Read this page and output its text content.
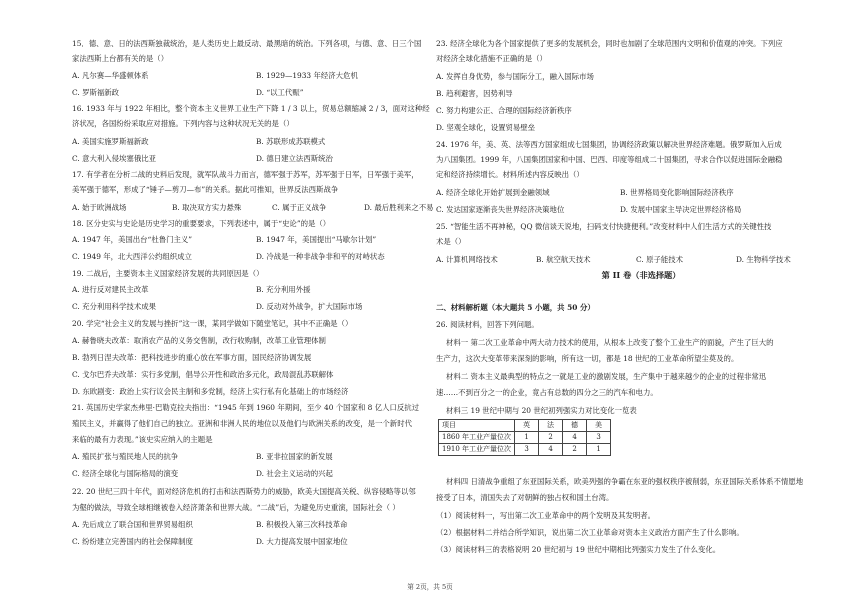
15．德、意、日的法西斯独裁统治，是人类历史上最反动、最黑暗的统治。下列各项，与德、意、日三个国
家法西斯上台都有关的是（）
A. 凡尔赛—华盛顿体系	B. 1929—1933 年经济大危机
C. 罗斯福新政	D. “以工代赈”
16. 1933 年与 1922 年相比，整个资本主义世界工业生产下降 1 / 3 以上，贸易总额缩减 2 / 3，面对这种经
济状况，各国纷纷采取应对措施。下列内容与这种状况无关的是（）
A. 美国实施罗斯福新政	B. 苏联形成苏联模式
C. 意大利入侵埃塞俄比亚	D. 德日建立法西斯统治
17. 有学者在分析二战的史料后发现，就军队战斗力而言，德军强于苏军，苏军强于日军，日军强于美军，
美军强于德军，形成了“锤子—剪刀—布”的关系。据此可推知，世界反法西斯战争
A. 始于欧洲战场	B. 取决双方实力悬殊	C. 属于正义战争	D. 最后胜利来之不易
18. 区分史实与史论是历史学习的重要要求，下列表述中，属于“史论”的是（）
A. 1947 年，美国出台“杜鲁门主义”	B. 1947 年，美国提出“马歇尔计划”
C. 1949 年，北大西洋公约组织成立	D. 冷战是一种非战争非和平的对峙状态
19. 二战后，主要资本主义国家经济发展的共同原因是（）
A. 进行反对建民主改革	B. 充分利用外援
C. 充分利用科学技术成果	D. 反动对外战争，扩大国际市场
20. 学完“社会主义的发展与挫折”这一课，某同学做如下随堂笔记，其中不正确是（）
A. 赫鲁晓夫改革：取消农产品的义务交售制，改行收购制，改革工业管理体制
B. 勃列日涅夫改革：把科技进步的重心放在军事方面，国民经济协调发展
C. 戈尔巴乔夫改革：实行多党制，倡导公开性和政治多元化，政局混乱苏联解体
D. 东欧剧变：政治上实行议会民主制和多党制，经济上实行私有化基础上的市场经济
21. 英国历史学家杰弗里·巴勒克拉夫指出：“1945 年到 1960 年期间，至少 40 个国家和 8 亿人口反抗过
殖民主义，并赢得了他们自己的独立。亚洲和非洲人民的地位以及他们与欧洲关系的改变，是一个新时代
来临的最有力表现。”该史实应纳入的主题是
A. 殖民扩张与殖民地人民的抗争	B. 亚非拉国家的新发展
C. 经济全球化与国际格局的演变	D. 社会主义运动的兴起
22. 20 世纪三四十年代，面对经济危机的打击和法西斯势力的威胁，欧美大国提高关税、纵容侵略等以邻
为壑的做法，导致全球相继被卷入经济萧条和世界大战。“二战”后，为避免历史重演，国际社会（ ）
A. 先后成立了联合国和世界贸易组织	B. 积极投入第三次科技革命
C. 纷纷建立完善国内的社会保障制度	D. 大力提高发展中国家地位
23. 经济全球化为各个国家提供了更多的发展机会，同时也加剧了全球范围内文明和价值观的冲突。下列应
对经济全球化措施不正确的是（）
A. 发挥自身优势，参与国际分工，融入国际市场
B. 趋利避害，因势利导
C. 努力构建公正、合理的国际经济新秩序
D. 坚观全球化，设置贸易壁垒
24. 1976 年，美、英、法等西方国家组成七国集团，协调经济政策以解决世界经济难题。俄罗斯加入后成
为八国集团。1999 年，八国集团国家和中国、巴西、印度等组成二十国集团，寻求合作以促进国际金融稳
定和经济持续增长。材料所述内容反映出（）
A. 经济全球化开始扩展到金融领域	B. 世界格局变化影响国际经济秩序
C. 发达国家逐渐丧失世界经济决策地位	D. 发展中国家主导决定世界经济格局
25. “智能生活不再神秘，QQ 微信谈天说地，扫码支付快捷便利。”改变材料中人们生活方式的关键性技
术是（）
A. 计算机网络技术	B. 航空航天技术	C. 原子能技术	D. 生物科学技术
第 II 卷（非选择题）
二、材料解析题（本大题共 5 小题，共 50 分）
26. 阅读材料，回答下列问题。
材料一 第二次工业革命中两大动力技术的使用，从根本上改变了整个工业生产的面貌，产生了巨大的
生产力，这次大变革带来深刻的影响，所有这一切，都是 18 世纪的工业革命所望尘莫及的。
材料二 资本主义最典型的特点之一就是工业的激剧发展，生产集中于越来越少的企业的过程非常迅
速……不到百分之一的企业，竟占有总数的四分之三的汽车和电力。
材料三 19 世纪中期与 20 世纪初列强实力对比变化一览表
项目	英	法	德	美
1860 年工业产量位次	1	2	4	3
1910 年工业产量位次	3	4	2	1
材料四 日清战争重组了东亚国际关系，欧美列强的争霸在东亚的强权秩序被削弱，东亚国际关系体系不情愿地
接受了日本，清国失去了对朝鲜的独占权和国土台湾。
（1）阅读材料一，写出第二次工业革命中的两个发明及其发明者。
（2）根据材料二并结合所学知识，说出第二次工业革命对资本主义政治方面产生了什么影响。
（3）阅读材料三的表格说明 20 世纪初与 19 世纪中期相比列强实力发生了什么变化。
第 2页，共 5页
